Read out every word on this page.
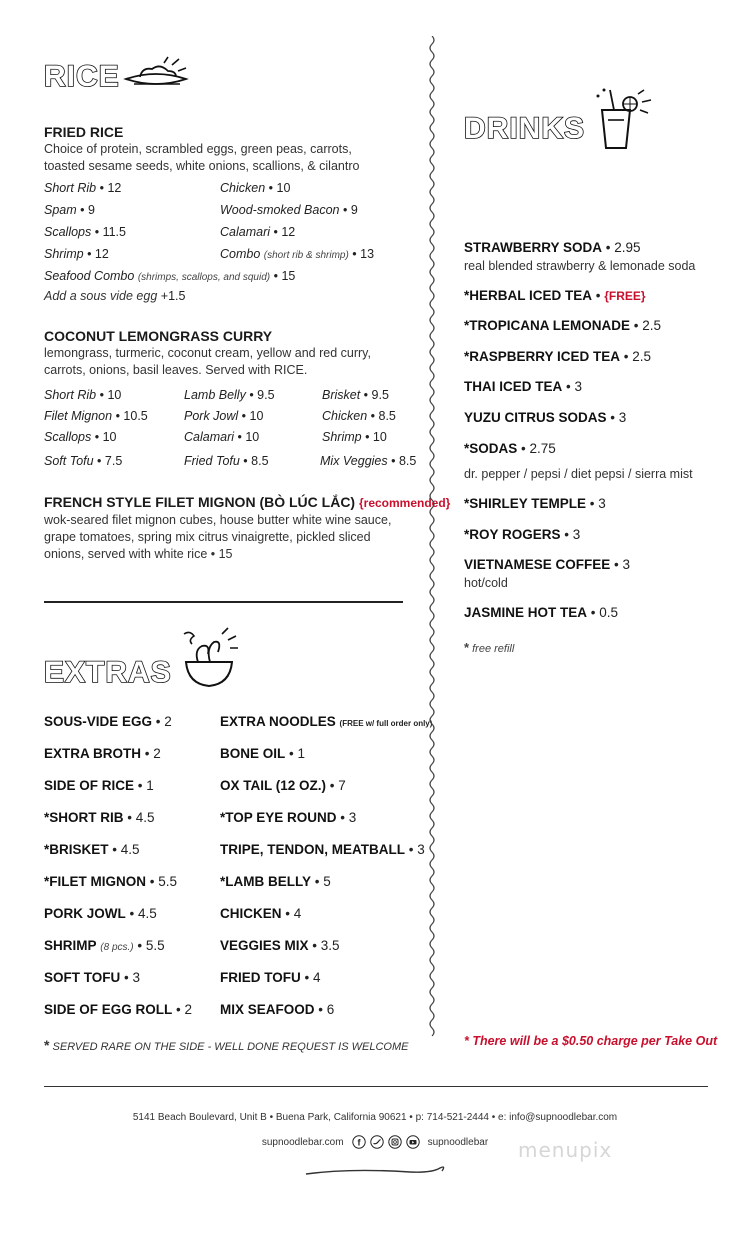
RICE
FRIED RICE
Choice of protein, scrambled eggs, green peas, carrots, toasted sesame seeds, white onions, scallions, & cilantro
Short Rib • 12	Chicken • 10
Spam • 9	Wood-smoked Bacon • 9
Scallops • 11.5	Calamari • 12
Shrimp • 12	Combo (short rib & shrimp) • 13
Seafood Combo (shrimps, scallops, and squid) • 15
Add a sous vide egg +1.5
COCONUT LEMONGRASS CURRY
lemongrass, turmeric, coconut cream, yellow and red curry, carrots, onions, basil leaves. Served with RICE.
Short Rib • 10	Lamb Belly • 9.5	Brisket • 9.5
Filet Mignon • 10.5	Pork Jowl • 10	Chicken • 8.5
Scallops • 10	Calamari • 10	Shrimp • 10
Soft Tofu • 7.5	Fried Tofu • 8.5	Mix Veggies • 8.5
FRENCH STYLE FILET MIGNON (BÒ LÚC LẮC) {recommended}
wok-seared filet mignon cubes, house butter white wine sauce, grape tomatoes, spring mix citrus vinaigrette, pickled sliced onions, served with white rice • 15
EXTRAS
SOUS-VIDE EGG • 2	EXTRA NOODLES (FREE w/ full order only)
EXTRA BROTH • 2	BONE OIL • 1
SIDE OF RICE • 1	OX TAIL (12 OZ.) • 7
*SHORT RIB • 4.5	*TOP EYE ROUND • 3
*BRISKET • 4.5	TRIPE, TENDON, MEATBALL • 3
*FILET MIGNON • 5.5	*LAMB BELLY • 5
PORK JOWL • 4.5	CHICKEN • 4
SHRIMP (8 pcs.) • 5.5	VEGGIES MIX • 3.5
SOFT TOFU • 3	FRIED TOFU • 4
SIDE OF EGG ROLL • 2 MIX SEAFOOD • 6
* SERVED RARE ON THE SIDE - WELL DONE REQUEST IS WELCOME
DRINKS
STRAWBERRY SODA • 2.95
real blended strawberry & lemonade soda
*HERBAL ICED TEA • {FREE}
*TROPICANA LEMONADE • 2.5
*RASPBERRY ICED TEA • 2.5
THAI ICED TEA • 3
YUZU CITRUS SODAS • 3
*SODAS • 2.75
dr. pepper / pepsi / diet pepsi / sierra mist
*SHIRLEY TEMPLE • 3
*ROY ROGERS • 3
VIETNAMESE COFFEE • 3
hot/cold
JASMINE HOT TEA • 0.5
* free refill
* There will be a $0.50 charge per Take Out
5141 Beach Boulevard, Unit B • Buena Park, California 90621 • p: 714-521-2444 • e: info@supnoodlebar.com
supnoodlebar.com f	supnoodlebar menupix
